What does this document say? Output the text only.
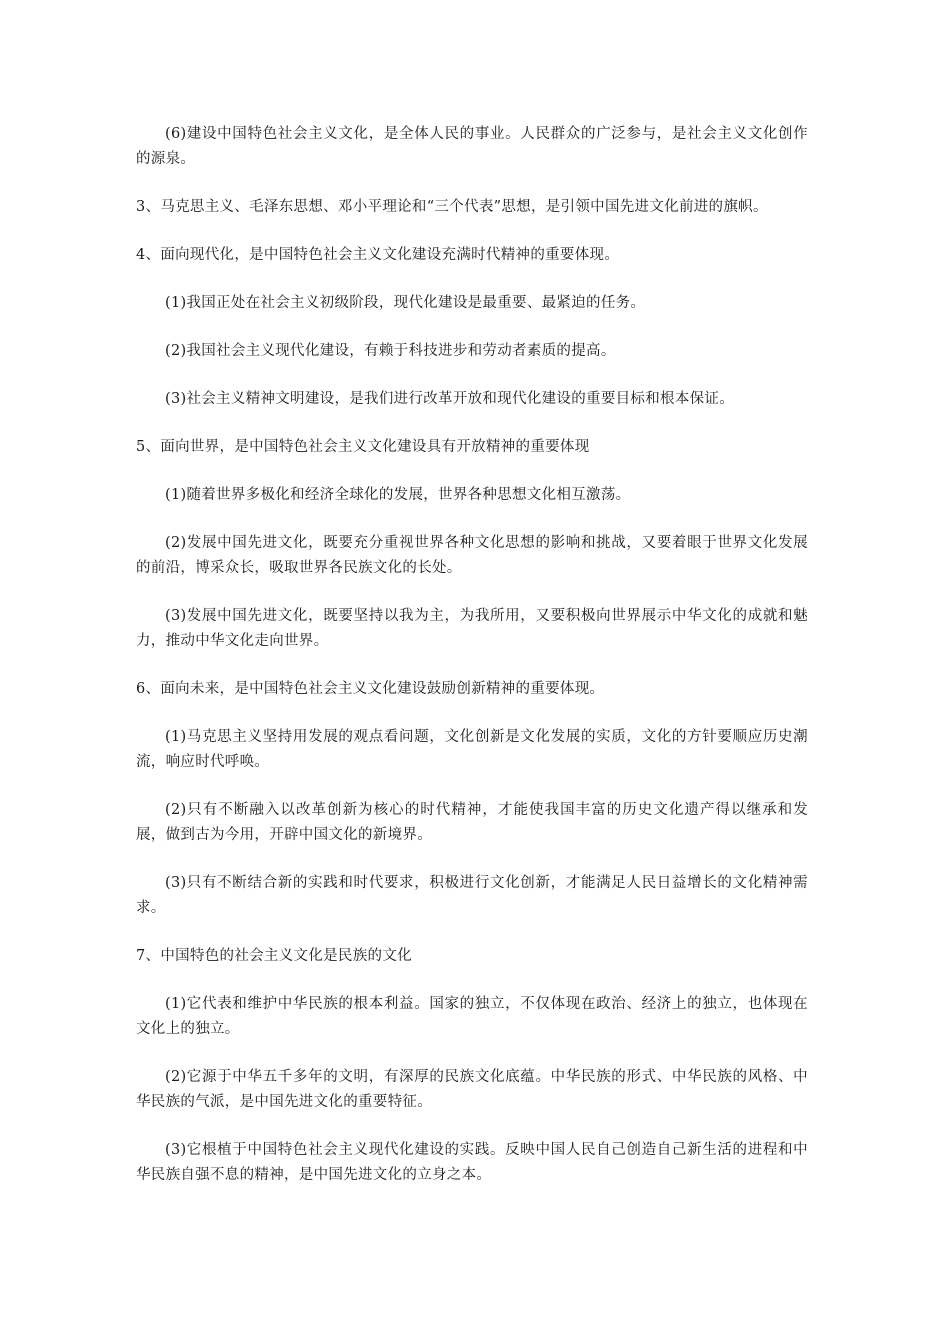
(6)建设中国特色社会主义文化，是全体人民的事业。人民群众的广泛参与，是社会主义文化创作的源泉。

3、马克思主义、毛泽东思想、邓小平理论和“三个代表”思想，是引领中国先进文化前进的旗帜。

4、面向现代化，是中国特色社会主义文化建设充满时代精神的重要体现。

(1)我国正处在社会主义初级阶段，现代化建设是最重要、最紧迫的任务。

(2)我国社会主义现代化建设，有赖于科技进步和劳动者素质的提高。

(3)社会主义精神文明建设，是我们进行改革开放和现代化建设的重要目标和根本保证。

5、面向世界，是中国特色社会主义文化建设具有开放精神的重要体现

(1)随着世界多极化和经济全球化的发展，世界各种思想文化相互激荡。

(2)发展中国先进文化，既要充分重视世界各种文化思想的影响和挑战，又要着眼于世界文化发展的前沿，博采众长，吸取世界各民族文化的长处。

(3)发展中国先进文化，既要坚持以我为主，为我所用，又要积极向世界展示中华文化的成就和魅力，推动中华文化走向世界。

6、面向未来，是中国特色社会主义文化建设鼓励创新精神的重要体现。

(1)马克思主义坚持用发展的观点看问题，文化创新是文化发展的实质，文化的方针要顺应历史潮流，响应时代呼唤。

(2)只有不断融入以改革创新为核心的时代精神，才能使我国丰富的历史文化遗产得以继承和发展，做到古为今用，开辟中国文化的新境界。

(3)只有不断结合新的实践和时代要求，积极进行文化创新，才能满足人民日益增长的文化精神需求。

7、中国特色的社会主义文化是民族的文化

(1)它代表和维护中华民族的根本利益。国家的独立，不仅体现在政治、经济上的独立，也体现在文化上的独立。

(2)它源于中华五千多年的文明，有深厚的民族文化底蕴。中华民族的形式、中华民族的风格、中华民族的气派，是中国先进文化的重要特征。

(3)它根植于中国特色社会主义现代化建设的实践。反映中国人民自己创造自己新生活的进程和中华民族自强不息的精神，是中国先进文化的立身之本。
